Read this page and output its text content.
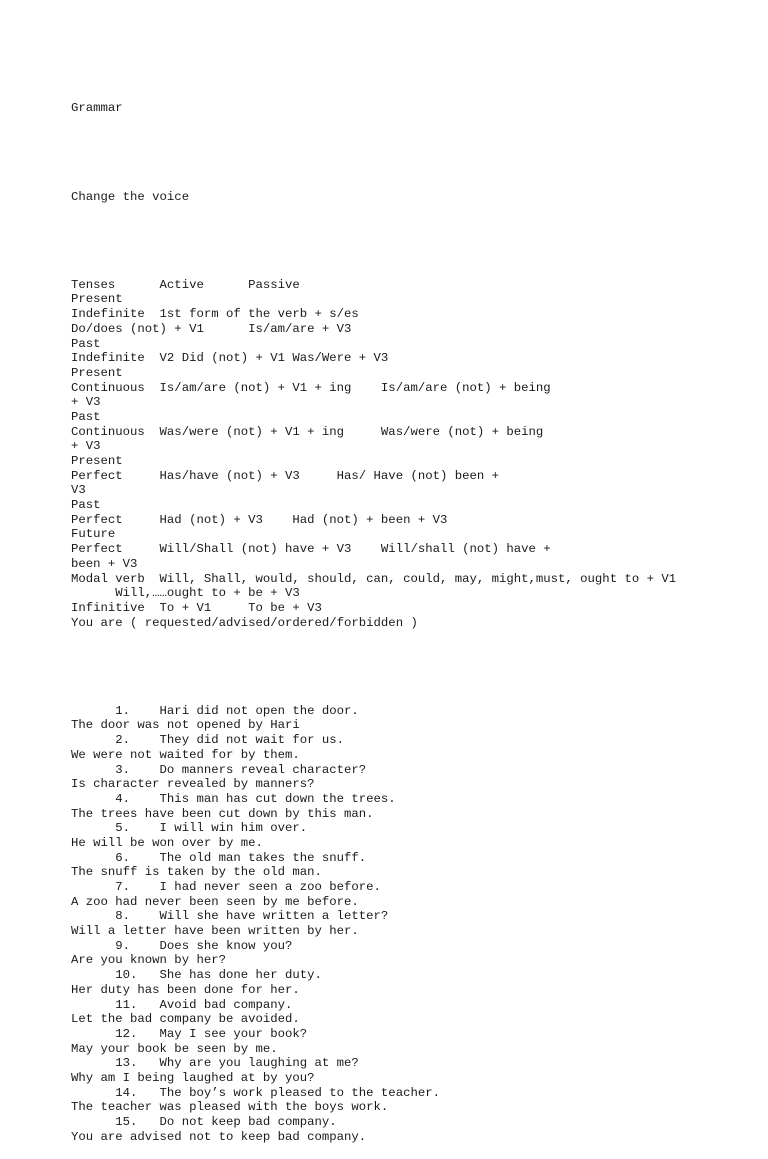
Grammar

Change the voice

Tenses      Active      Passive
Present
Indefinite  1st form of the verb + s/es
Do/does (not) + V1      Is/am/are + V3
Past
Indefinite  V2 Did (not) + V1 Was/Were + V3
Present
Continuous  Is/am/are (not) + V1 + ing    Is/am/are (not) + being
+ V3
Past
Continuous  Was/were (not) + V1 + ing     Was/were (not) + being
+ V3
Present
Perfect     Has/have (not) + V3     Has/ Have (not) been +
V3
Past
Perfect     Had (not) + V3    Had (not) + been + V3
Future
Perfect     Will/Shall (not) have + V3    Will/shall (not) have +
been + V3
Modal verb  Will, Shall, would, should, can, could, may, might,must, ought to + V1
Will,……ought to + be + V3
Infinitive  To + V1     To be + V3
You are ( requested/advised/ordered/forbidden )

1.    Hari did not open the door.
The door was not opened by Hari
2.    They did not wait for us.
We were not waited for by them.
3.    Do manners reveal character?
Is character revealed by manners?
4.    This man has cut down the trees.
The trees have been cut down by this man.
5.    I will win him over.
He will be won over by me.
6.    The old man takes the snuff.
The snuff is taken by the old man.
7.    I had never seen a zoo before.
A zoo had never been seen by me before.
8.    Will she have written a letter?
Will a letter have been written by her.
9.    Does she know you?
Are you known by her?
10.   She has done her duty.
Her duty has been done for her.
11.   Avoid bad company.
Let the bad company be avoided.
12.   May I see your book?
May your book be seen by me.
13.   Why are you laughing at me?
Why am I being laughed at by you?
14.   The boy’s work pleased to the teacher.
The teacher was pleased with the boys work.
15.   Do not keep bad company.
You are advised not to keep bad company.
